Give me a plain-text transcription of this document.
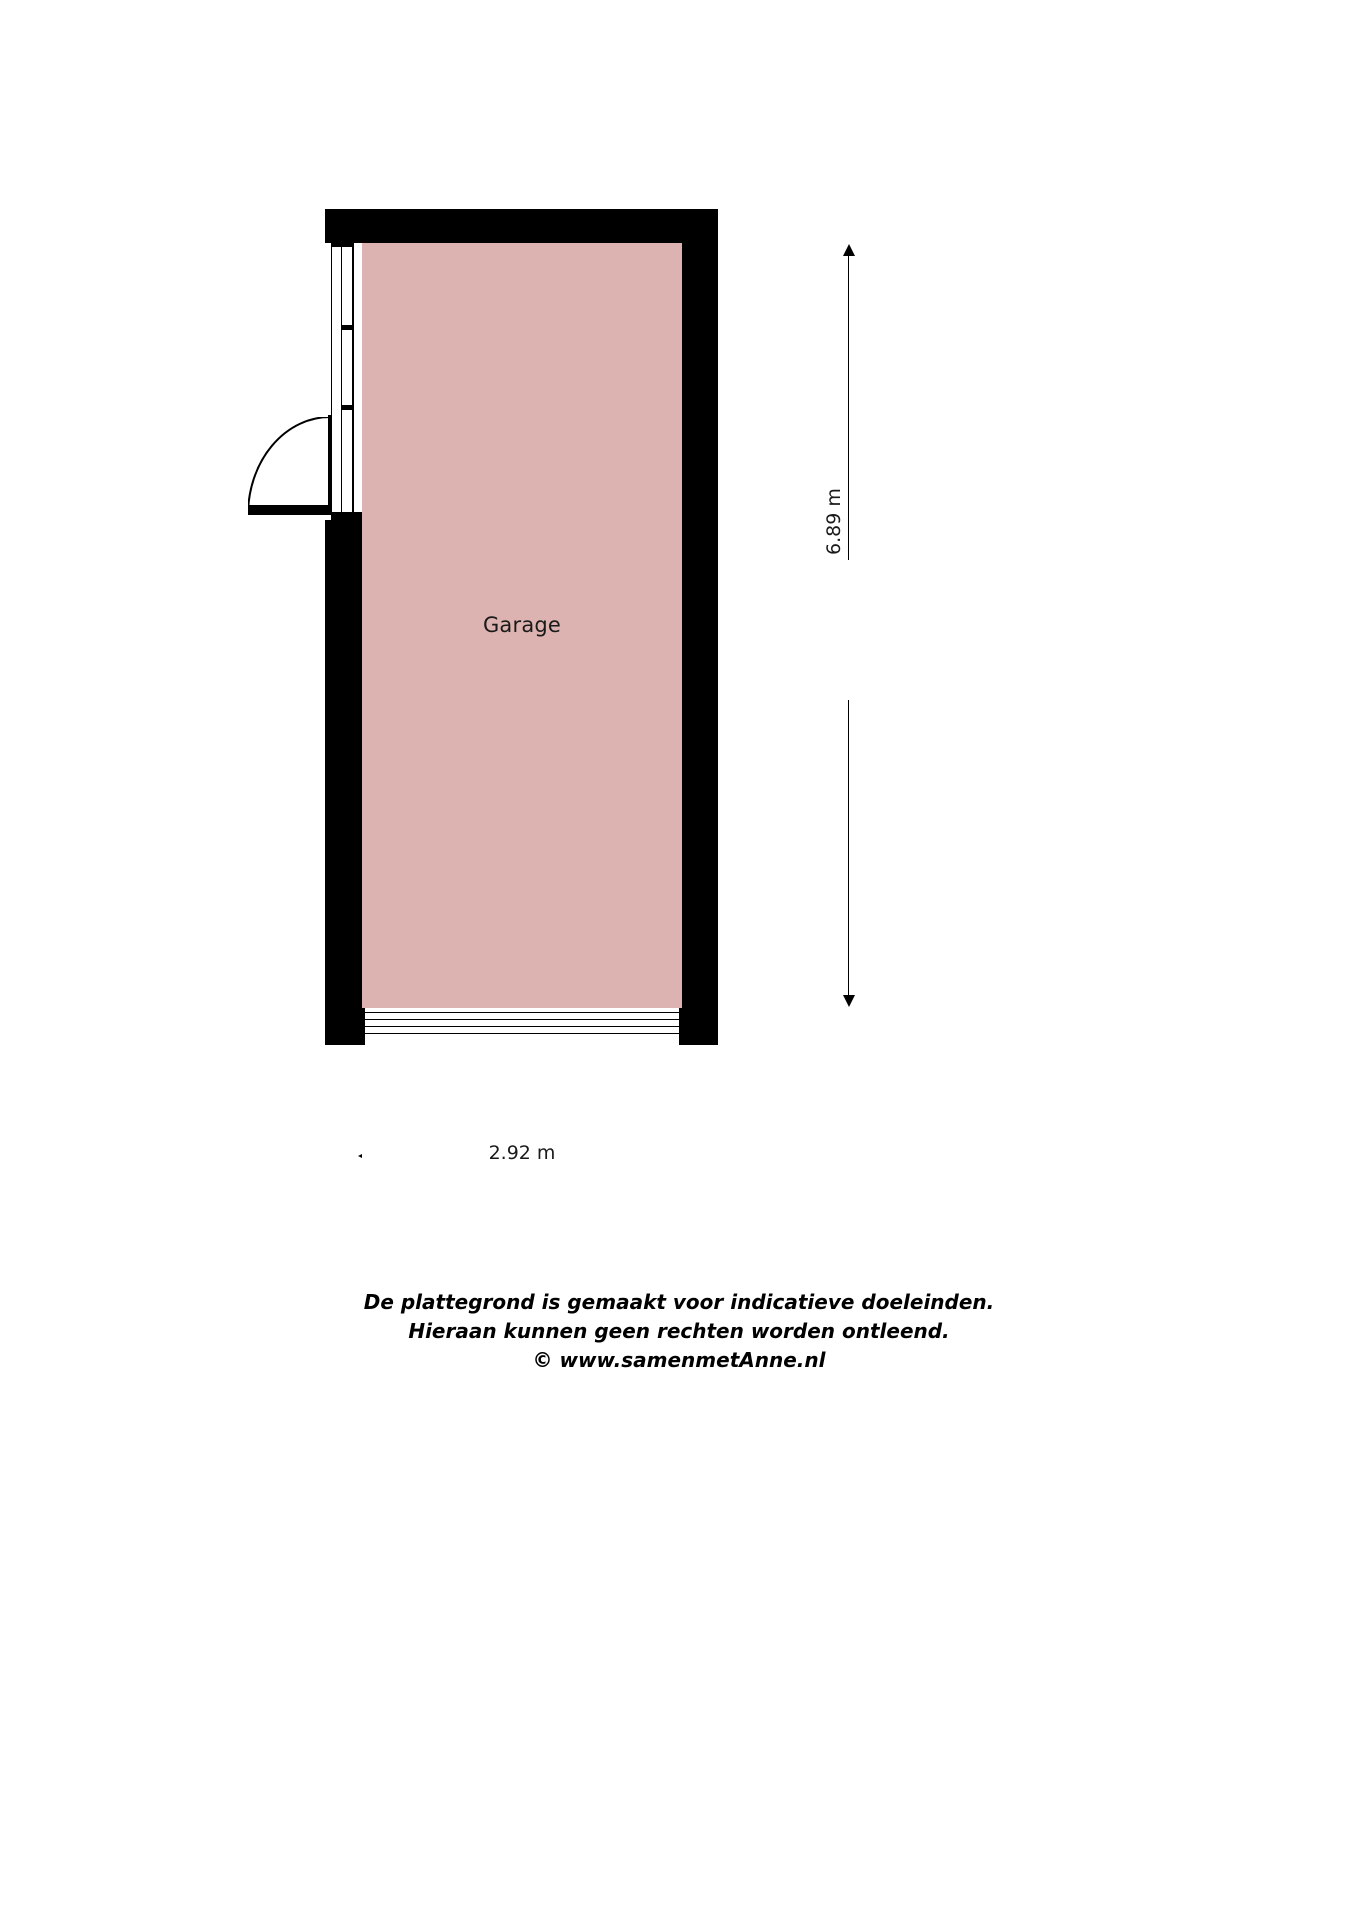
Garage
6.89 m
2.92 m
De plattegrond is gemaakt voor indicatieve doeleinden.
Hieraan kunnen geen rechten worden ontleend.
© www.samenmetAnne.nl
